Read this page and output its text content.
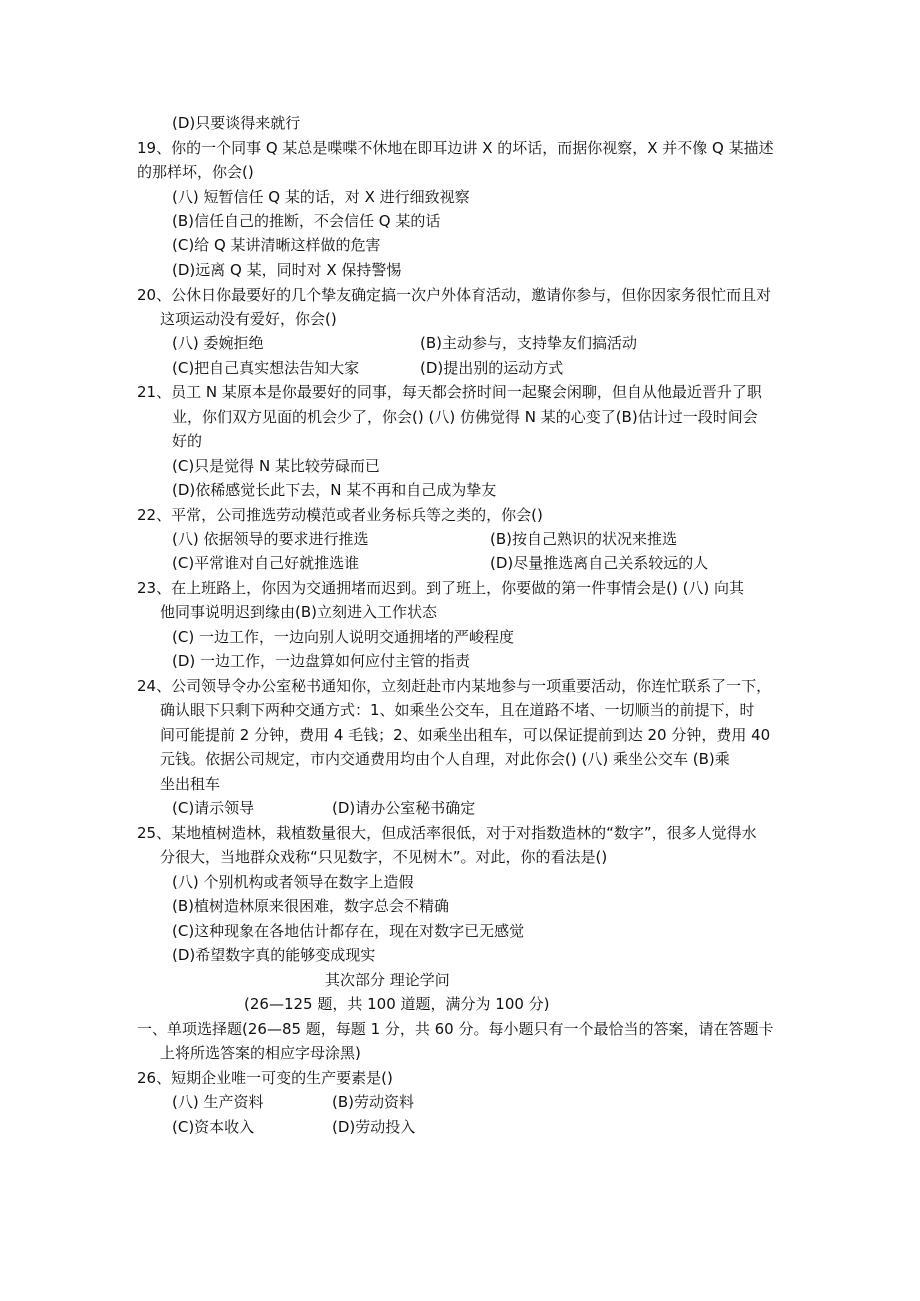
(D)只要谈得来就行
19、你的一个同事 Q 某总是喋喋不休地在即耳边讲 X 的坏话，而据你视察，X 并不像 Q 某描述
的那样坏，你会()
(八) 短暂信任 Q 某的话，对 X 进行细致视察
(B)信任自己的推断，不会信任 Q 某的话
(C)给 Q 某讲清晰这样做的危害
(D)远离 Q 某，同时对 X 保持警惕
20、公休日你最要好的几个挚友确定搞一次户外体育活动，邀请你参与，但你因家务很忙而且对
这项运动没有爱好，你会()
(八) 委婉拒绝	(B)主动参与，支持挚友们搞活动
(C)把自己真实想法告知大家	(D)提出别的运动方式
21、员工 N 某原本是你最要好的同事，每天都会挤时间一起聚会闲聊，但自从他最近晋升了职
业，你们双方见面的机会少了，你会() (八) 仿佛觉得 N 某的心变了(B)估计过一段时间会
好的
(C)只是觉得 N 某比较劳碌而已
(D)依稀感觉长此下去，N 某不再和自己成为挚友
22、平常，公司推选劳动模范或者业务标兵等之类的，你会()
(八) 依据领导的要求进行推选	(B)按自己熟识的状况来推选
(C)平常谁对自己好就推选谁	(D)尽量推选离自己关系较远的人
23、在上班路上，你因为交通拥堵而迟到。到了班上，你要做的第一件事情会是() (八) 向其
他同事说明迟到缘由(B)立刻进入工作状态
(C) 一边工作，一边向别人说明交通拥堵的严峻程度
(D) 一边工作，一边盘算如何应付主管的指责
24、公司领导令办公室秘书通知你，立刻赶赴市内某地参与一项重要活动，你连忙联系了一下，
确认眼下只剩下两种交通方式：1、如乘坐公交车，且在道路不堵、一切顺当的前提下，时
间可能提前 2 分钟，费用 4 毛钱；2、如乘坐出租车，可以保证提前到达 20 分钟，费用 40
元钱。依据公司规定，市内交通费用均由个人自理，对此你会() (八) 乘坐公交车 (B)乘
坐出租车
(C)请示领导	(D)请办公室秘书确定
25、某地植树造林，栽植数量很大，但成活率很低，对于对指数造林的“数字”，很多人觉得水
分很大，当地群众戏称“只见数字，不见树木”。对此，你的看法是()
(八) 个别机构或者领导在数字上造假
(B)植树造林原来很困难，数字总会不精确
(C)这种现象在各地估计都存在，现在对数字已无感觉
(D)希望数字真的能够变成现实
其次部分 理论学问
(26—125 题，共 100 道题，满分为 100 分)
一、单项选择题(26—85 题，每题 1 分，共 60 分。每小题只有一个最恰当的答案，请在答题卡
上将所选答案的相应字母涂黑)
26、短期企业唯一可变的生产要素是()
(八) 生产资料	(B)劳动资料
(C)资本收入	(D)劳动投入
